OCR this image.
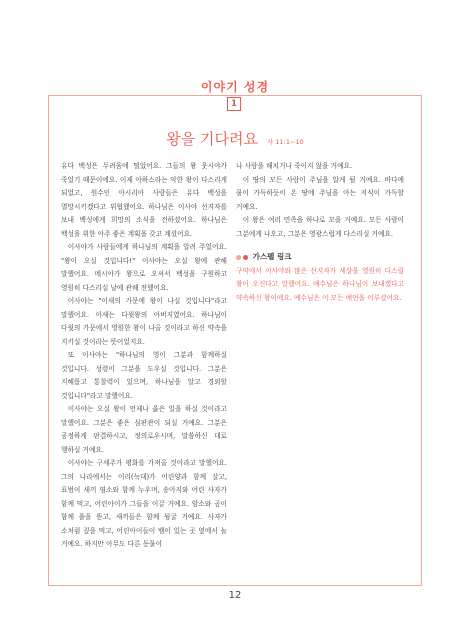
이야기 성경
1
왕을 기다려요 사 11:1~10

유다 백성은 두려움에 떨었어요. 그들의 왕 웃시야가 죽었기 때문이에요. 이제 아하스라는 악한 왕이 다스리게 되었고, 원수인 아시리아 사람들은 유다 백성을 멸망시키겠다고 위협했어요. 하나님은 이사야 선지자를 보내 백성에게 희망의 소식을 전하셨어요. 하나님은 백성을 위한 아주 좋은 계획을 갖고 계셨어요.

이사야가 사람들에게 하나님의 계획을 알려 주었어요. "왕이 오실 것입니다!" 이사야는 오실 왕에 관해 말했어요. 메시아가 왕으로 오셔서 백성을 구원하고 영원히 다스리실 날에 관해 전했어요.

이사야는 "이새의 가문에 왕이 나실 것입니다"라고 말했어요. 이새는 다윗왕의 아버지였어요. 하나님이 다윗의 가문에서 영원한 왕이 나올 것이라고 하신 약속을 지키실 것이라는 뜻이었지요.

또 이사야는 "하나님의 영이 그분과 함께하실 것입니다. 성령이 그분을 도우실 것입니다. 그분은 지혜롭고 통찰력이 있으며, 하나님을 알고 경외할 것입니다"라고 말했어요.

이사야는 오실 왕이 언제나 옳은 일을 하실 것이라고 말했어요. 그분은 좋은 심판관이 되실 거예요. 그분은 공정하게 판결하시고, 정의로우시며, 말씀하신 대로 행하실 거예요.

이사야는 구세주가 평화를 가져올 것이라고 말했어요. 그의 나라에서는 이리(늑대)가 어린양과 함께 살고, 표범이 새끼 염소와 함께 누우며, 송아지와 어린 사자가 함께 먹고, 어린아이가 그들을 이끌 거예요. 암소와 곰이 함께 풀을 뜯고, 새끼들은 함께 뒹굴 거예요. 사자가 소처럼 짚을 먹고, 어린아이들이 뱀이 있는 곳 옆에서 놀 거예요. 하지만 아무도 다른 동물이

나 사람을 해치거나 죽이지 않을 거예요.

이 땅의 모든 사람이 주님을 알게 될 거예요. 바다에 물이 가득하듯이 온 땅에 주님을 아는 지식이 가득할 거예요.

이 왕은 여러 민족을 하나로 모을 거예요. 모든 사람이 그분에게 나오고, 그분은 영광스럽게 다스리실 거예요.

가스펠 링크

구약에서 이사야와 많은 선지자가 세상을 영원히 다스릴 왕이 오신다고 말했어요. 예수님은 하나님이 보내겠다고 약속하신 왕이에요. 예수님은 이 모든 예언을 이루셨어요.

12
